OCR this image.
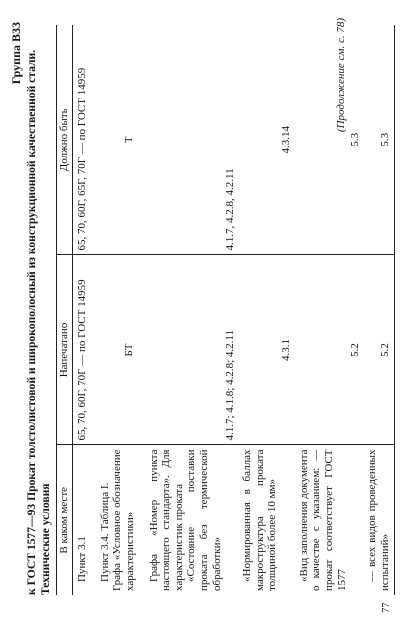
Группа В33 к ГОСТ 1577—93 Прокат толстолистовой и широкополосный из конструкционной качественной стали. Технические условия В каком месте	Напечатано	Должно быть

Пункт 3.1	65, 70, 60Г, 70Г — по ГОСТ 14959	65, 70, 60Г, 65Г, 70Г — по ГОСТ 14959

Пункт 3.4. Таблица I. Графа «Условное обозначение характеристики»	БТ	Т

Графа «Номер пункта настоящего стандарта». Для характеристик проката «Состояние поставки проката без термической обработки»	4.1.7; 4.1.8; 4.2.8; 4.2.11	4.1.7, 4.2.8, 4.2.11

«Нормированная в баллах макроструктура проката толщиной более 10 мм»	4.3.1	4.3.14

«Вид заполнения документа о качестве с указанием: — прокат соответствует ГОСТ 1577	5.2	5.3

— всех видов проведенных испытаний»	5.2	5.3
(Продолжение см. с. 78)
77
